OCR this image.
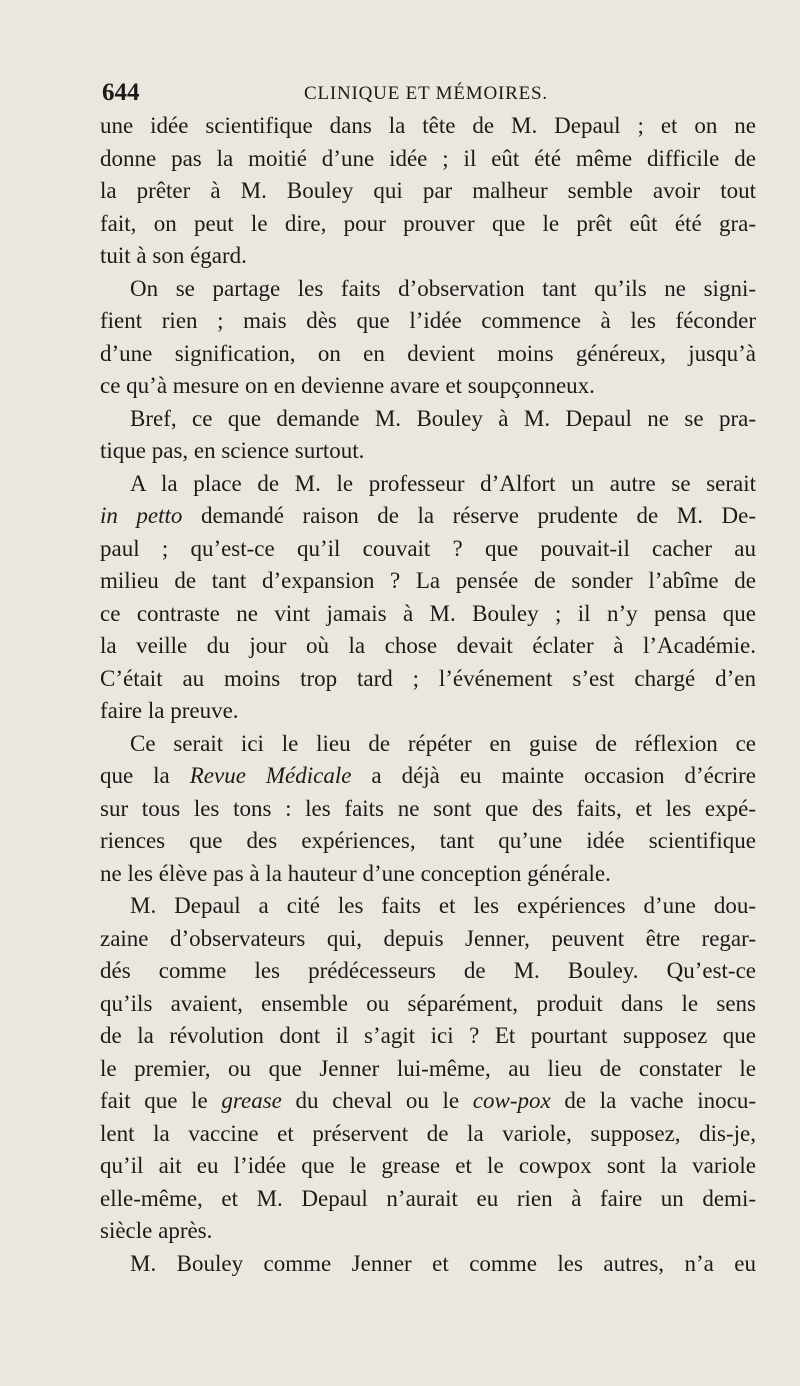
644	CLINIQUE ET MÉMOIRES.
une idée scientifique dans la tête de M. Depaul ; et on ne
donne pas la moitié d’une idée ; il eût été même difficile de
la prêter à M. Bouley qui par malheur semble avoir tout
fait, on peut le dire, pour prouver que le prêt eût été gra-
tuit à son égard.
On se partage les faits d’observation tant qu’ils ne signi-
fient rien ; mais dès que l’idée commence à les féconder
d’une signification, on en devient moins généreux, jusqu’à
ce qu’à mesure on en devienne avare et soupçonneux.
Bref, ce que demande M. Bouley à M. Depaul ne se pra-
tique pas, en science surtout.
A la place de M. le professeur d’Alfort un autre se serait
in petto demandé raison de la réserve prudente de M. De-
paul ; qu’est-ce qu’il couvait ? que pouvait-il cacher au
milieu de tant d’expansion ? La pensée de sonder l’abîme de
ce contraste ne vint jamais à M. Bouley ; il n’y pensa que
la veille du jour où la chose devait éclater à l’Académie.
C’était au moins trop tard ; l’événement s’est chargé d’en
faire la preuve.
Ce serait ici le lieu de répéter en guise de réflexion ce
que la Revue Médicale a déjà eu mainte occasion d’écrire
sur tous les tons : les faits ne sont que des faits, et les expé-
riences que des expériences, tant qu’une idée scientifique
ne les élève pas à la hauteur d’une conception générale.
M. Depaul a cité les faits et les expériences d’une dou-
zaine d’observateurs qui, depuis Jenner, peuvent être regar-
dés comme les prédécesseurs de M. Bouley. Qu’est-ce
qu’ils avaient, ensemble ou séparément, produit dans le sens
de la révolution dont il s’agit ici ? Et pourtant supposez que
le premier, ou que Jenner lui-même, au lieu de constater le
fait que le grease du cheval ou le cow-pox de la vache inocu-
lent la vaccine et préservent de la variole, supposez, dis-je,
qu’il ait eu l’idée que le grease et le cowpox sont la variole
elle-même, et M. Depaul n’aurait eu rien à faire un demi-
siècle après.
M. Bouley comme Jenner et comme les autres, n’a eu
